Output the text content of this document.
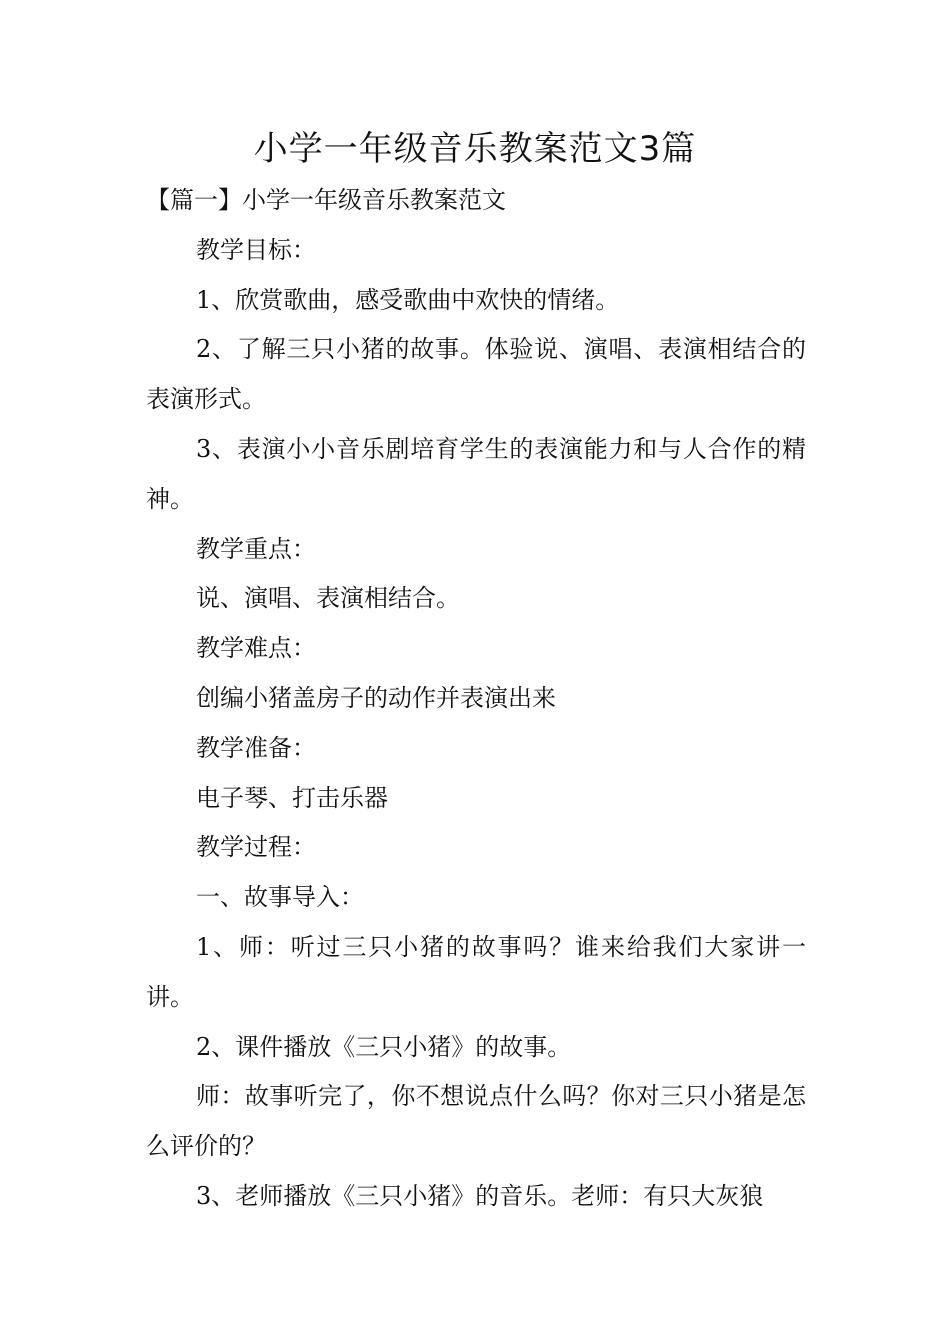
小学一年级音乐教案范文3篇

【篇一】小学一年级音乐教案范文

教学目标：

1、欣赏歌曲，感受歌曲中欢快的情绪。

2、了解三只小猪的故事。体验说、演唱、表演相结合的表演形式。

3、表演小小音乐剧培育学生的表演能力和与人合作的精神。

教学重点：

说、演唱、表演相结合。

教学难点：

创编小猪盖房子的动作并表演出来

教学准备：

电子琴、打击乐器

教学过程：

一、故事导入：

1、师：听过三只小猪的故事吗？谁来给我们大家讲一讲。

2、课件播放《三只小猪》的故事。

师：故事听完了，你不想说点什么吗？你对三只小猪是怎么评价的？

3、老师播放《三只小猪》的音乐。老师：有只大灰狼
